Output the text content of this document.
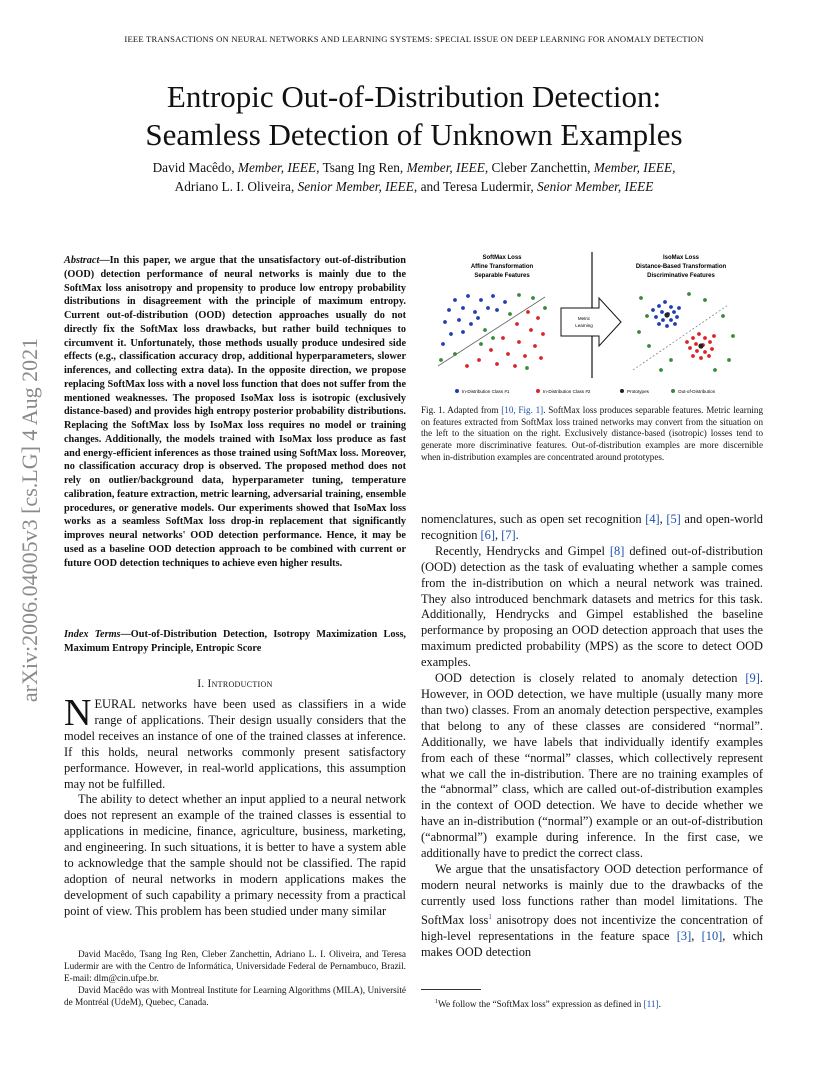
IEEE TRANSACTIONS ON NEURAL NETWORKS AND LEARNING SYSTEMS: SPECIAL ISSUE ON DEEP LEARNING FOR ANOMALY DETECTION
Entropic Out-of-Distribution Detection:
Seamless Detection of Unknown Examples
David Macêdo, Member, IEEE, Tsang Ing Ren, Member, IEEE, Cleber Zanchettin, Member, IEEE,
Adriano L. I. Oliveira, Senior Member, IEEE, and Teresa Ludermir, Senior Member, IEEE
arXiv:2006.04005v3 [cs.LG] 4 Aug 2021

Abstract—In this paper, we argue that the unsatisfactory out-of-distribution (OOD) detection performance of neural networks is mainly due to the SoftMax loss anisotropy and propensity to produce low entropy probability distributions in disagreement with the principle of maximum entropy. Current out-of-distribution (OOD) detection approaches usually do not directly fix the SoftMax loss drawbacks, but rather build techniques to circumvent it. Unfortunately, those methods usually produce undesired side effects (e.g., classification accuracy drop, additional hyperparameters, slower inferences, and collecting extra data). In the opposite direction, we propose replacing SoftMax loss with a novel loss function that does not suffer from the mentioned weaknesses. The proposed IsoMax loss is isotropic (exclusively distance-based) and provides high entropy posterior probability distributions. Replacing the SoftMax loss by IsoMax loss requires no model or training changes. Additionally, the models trained with IsoMax loss produce as fast and energy-efficient inferences as those trained using SoftMax loss. Moreover, no classification accuracy drop is observed. The proposed method does not rely on outlier/background data, hyperparameter tuning, temperature calibration, feature extraction, metric learning, adversarial training, ensemble procedures, or generative models. Our experiments showed that IsoMax loss works as a seamless SoftMax loss drop-in replacement that significantly improves neural networks' OOD detection performance. Hence, it may be used as a baseline OOD detection approach to be combined with current or future OOD detection techniques to achieve even higher results.

Index Terms—Out-of-Distribution Detection, Isotropy Maximization Loss, Maximum Entropy Principle, Entropic Score

I. Introduction

NEURAL networks have been used as classifiers in a wide range of applications. Their design usually considers that the model receives an instance of one of the trained classes at inference. If this holds, neural networks commonly present satisfactory performance. However, in real-world applications, this assumption may not be fulfilled.

The ability to detect whether an input applied to a neural network does not represent an example of the trained classes is essential to applications in medicine, finance, agriculture, business, marketing, and engineering. In such situations, it is better to have a system able to acknowledge that the sample should not be classified. The rapid adoption of neural networks in modern applications makes the development of such capability a primary necessity from a practical point of view. This problem has been studied under many similar

David Macêdo, Tsang Ing Ren, Cleber Zanchettin, Adriano L. I. Oliveira, and Teresa Ludermir are with the Centro de Informática, Universidade Federal de Pernambuco, Brazil. E-mail: dlm@cin.ufpe.br.

David Macêdo was with Montreal Institute for Learning Algorithms (MILA), Université de Montréal (UdeM), Quebec, Canada.

SoftMax Loss
Affine Transformation
Separable Features
IsoMax Loss
Distance-Based Transformation
Discriminative Features
Metric
Learning
In-Distribution Class #1	In-Distribution Class #2	Prototypes	Out-of-Distribution
Fig. 1. Adapted from [10, Fig. 1]. SoftMax loss produces separable features. Metric learning on features extracted from SoftMax loss trained networks may convert from the situation on the left to the situation on the right. Exclusively distance-based (isotropic) losses tend to generate more discriminative features. Out-of-distribution examples are more discernible when in-distribution examples are concentrated around prototypes.

nomenclatures, such as open set recognition [4], [5] and open-world recognition [6], [7].

Recently, Hendrycks and Gimpel [8] defined out-of-distribution (OOD) detection as the task of evaluating whether a sample comes from the in-distribution on which a neural network was trained. They also introduced benchmark datasets and metrics for this task. Additionally, Hendrycks and Gimpel established the baseline performance by proposing an OOD detection approach that uses the maximum predicted probability (MPS) as the score to detect OOD examples.

OOD detection is closely related to anomaly detection [9]. However, in OOD detection, we have multiple (usually many more than two) classes. From an anomaly detection perspective, examples that belong to any of these classes are considered “normal”. Additionally, we have labels that individually identify examples from each of these “normal” classes, which collectively represent what we call the in-distribution. There are no training examples of the “abnormal” class, which are called out-of-distribution examples in the context of OOD detection. We have to decide whether we have an in-distribution (“normal”) example or an out-of-distribution (“abnormal”) example during inference. In the first case, we additionally have to predict the correct class.

We argue that the unsatisfactory OOD detection performance of modern neural networks is mainly due to the drawbacks of the currently used loss functions rather than model limitations. The SoftMax loss$^1$ anisotropy does not incentivize the concentration of high-level representations in the feature space [3], [10], which makes OOD detection

$^1$We follow the “SoftMax loss” expression as defined in [11].
